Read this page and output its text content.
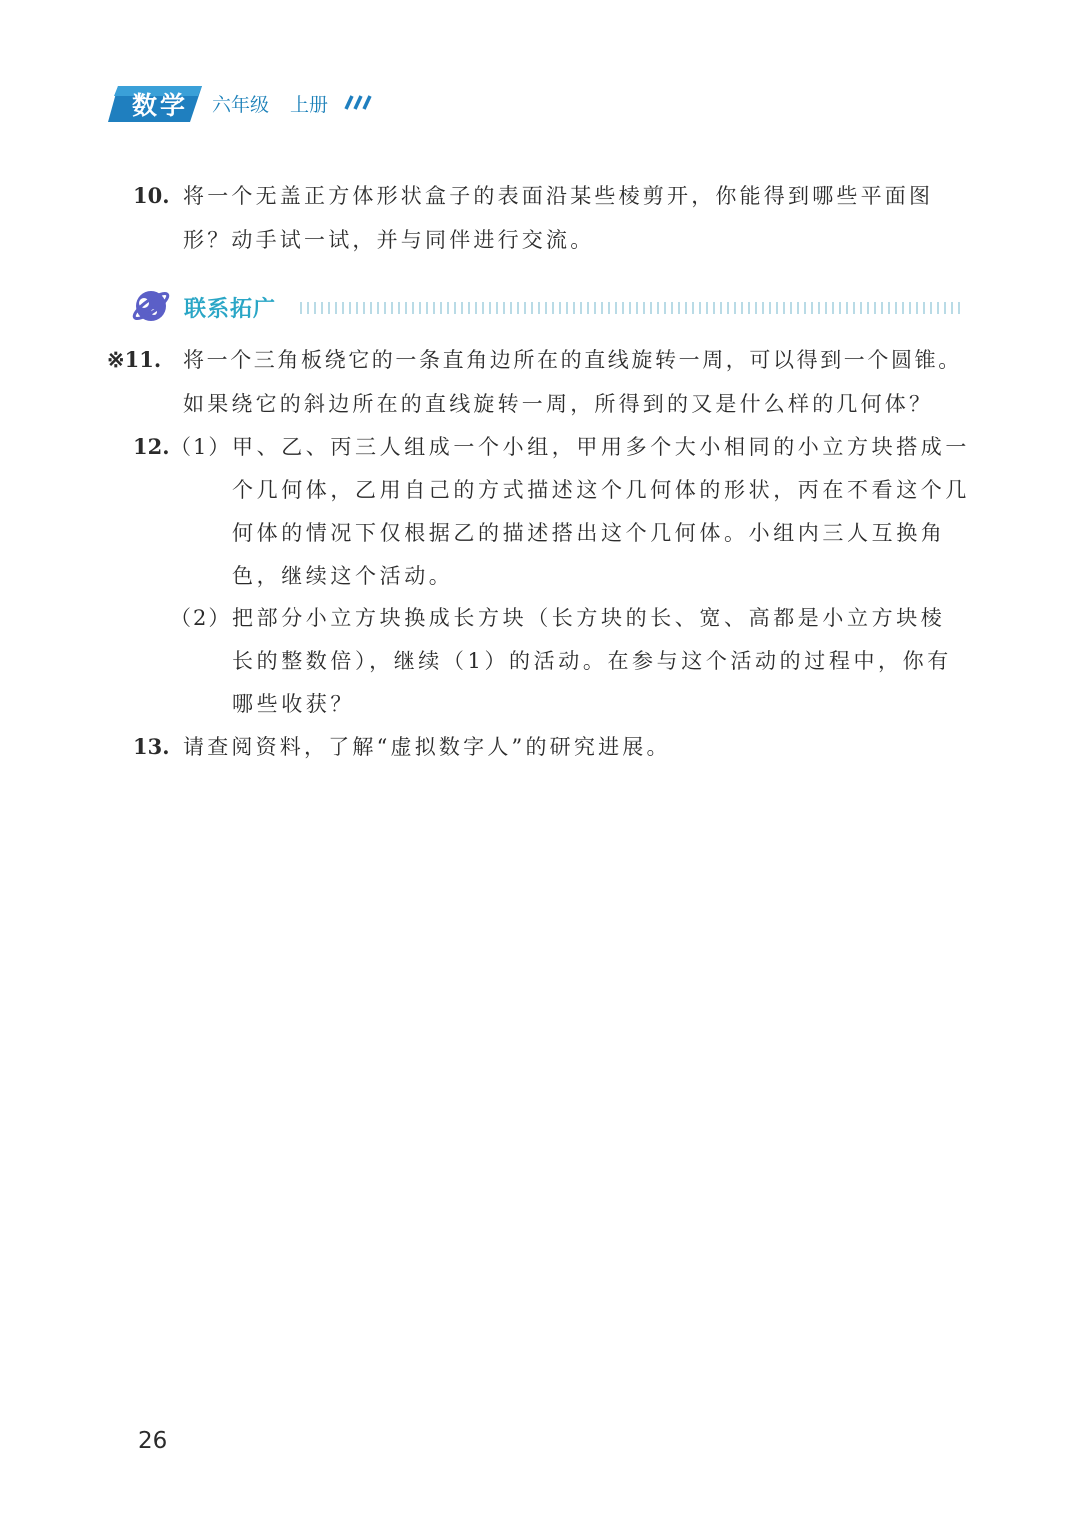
数学 六年级 上册
10. 将一个无盖正方体形状盒子的表面沿某些棱剪开，你能得到哪些平面图
形？动手试一试，并与同伴进行交流。
联系拓广
※11. 将一个三角板绕它的一条直角边所在的直线旋转一周，可以得到一个圆锥。
如果绕它的斜边所在的直线旋转一周，所得到的又是什么样的几何体？
12. （1） 甲、乙、丙三人组成一个小组，甲用多个大小相同的小立方块搭成一
个几何体，乙用自己的方式描述这个几何体的形状，丙在不看这个几
何体的情况下仅根据乙的描述搭出这个几何体。小组内三人互换角
色，继续这个活动。
（2） 把部分小立方块换成长方块（长方块的长、宽、高都是小立方块棱
长的整数倍），继续（1）的活动。在参与这个活动的过程中，你有
哪些收获？
13. 请查阅资料，了解“虚拟数字人”的研究进展。
26
